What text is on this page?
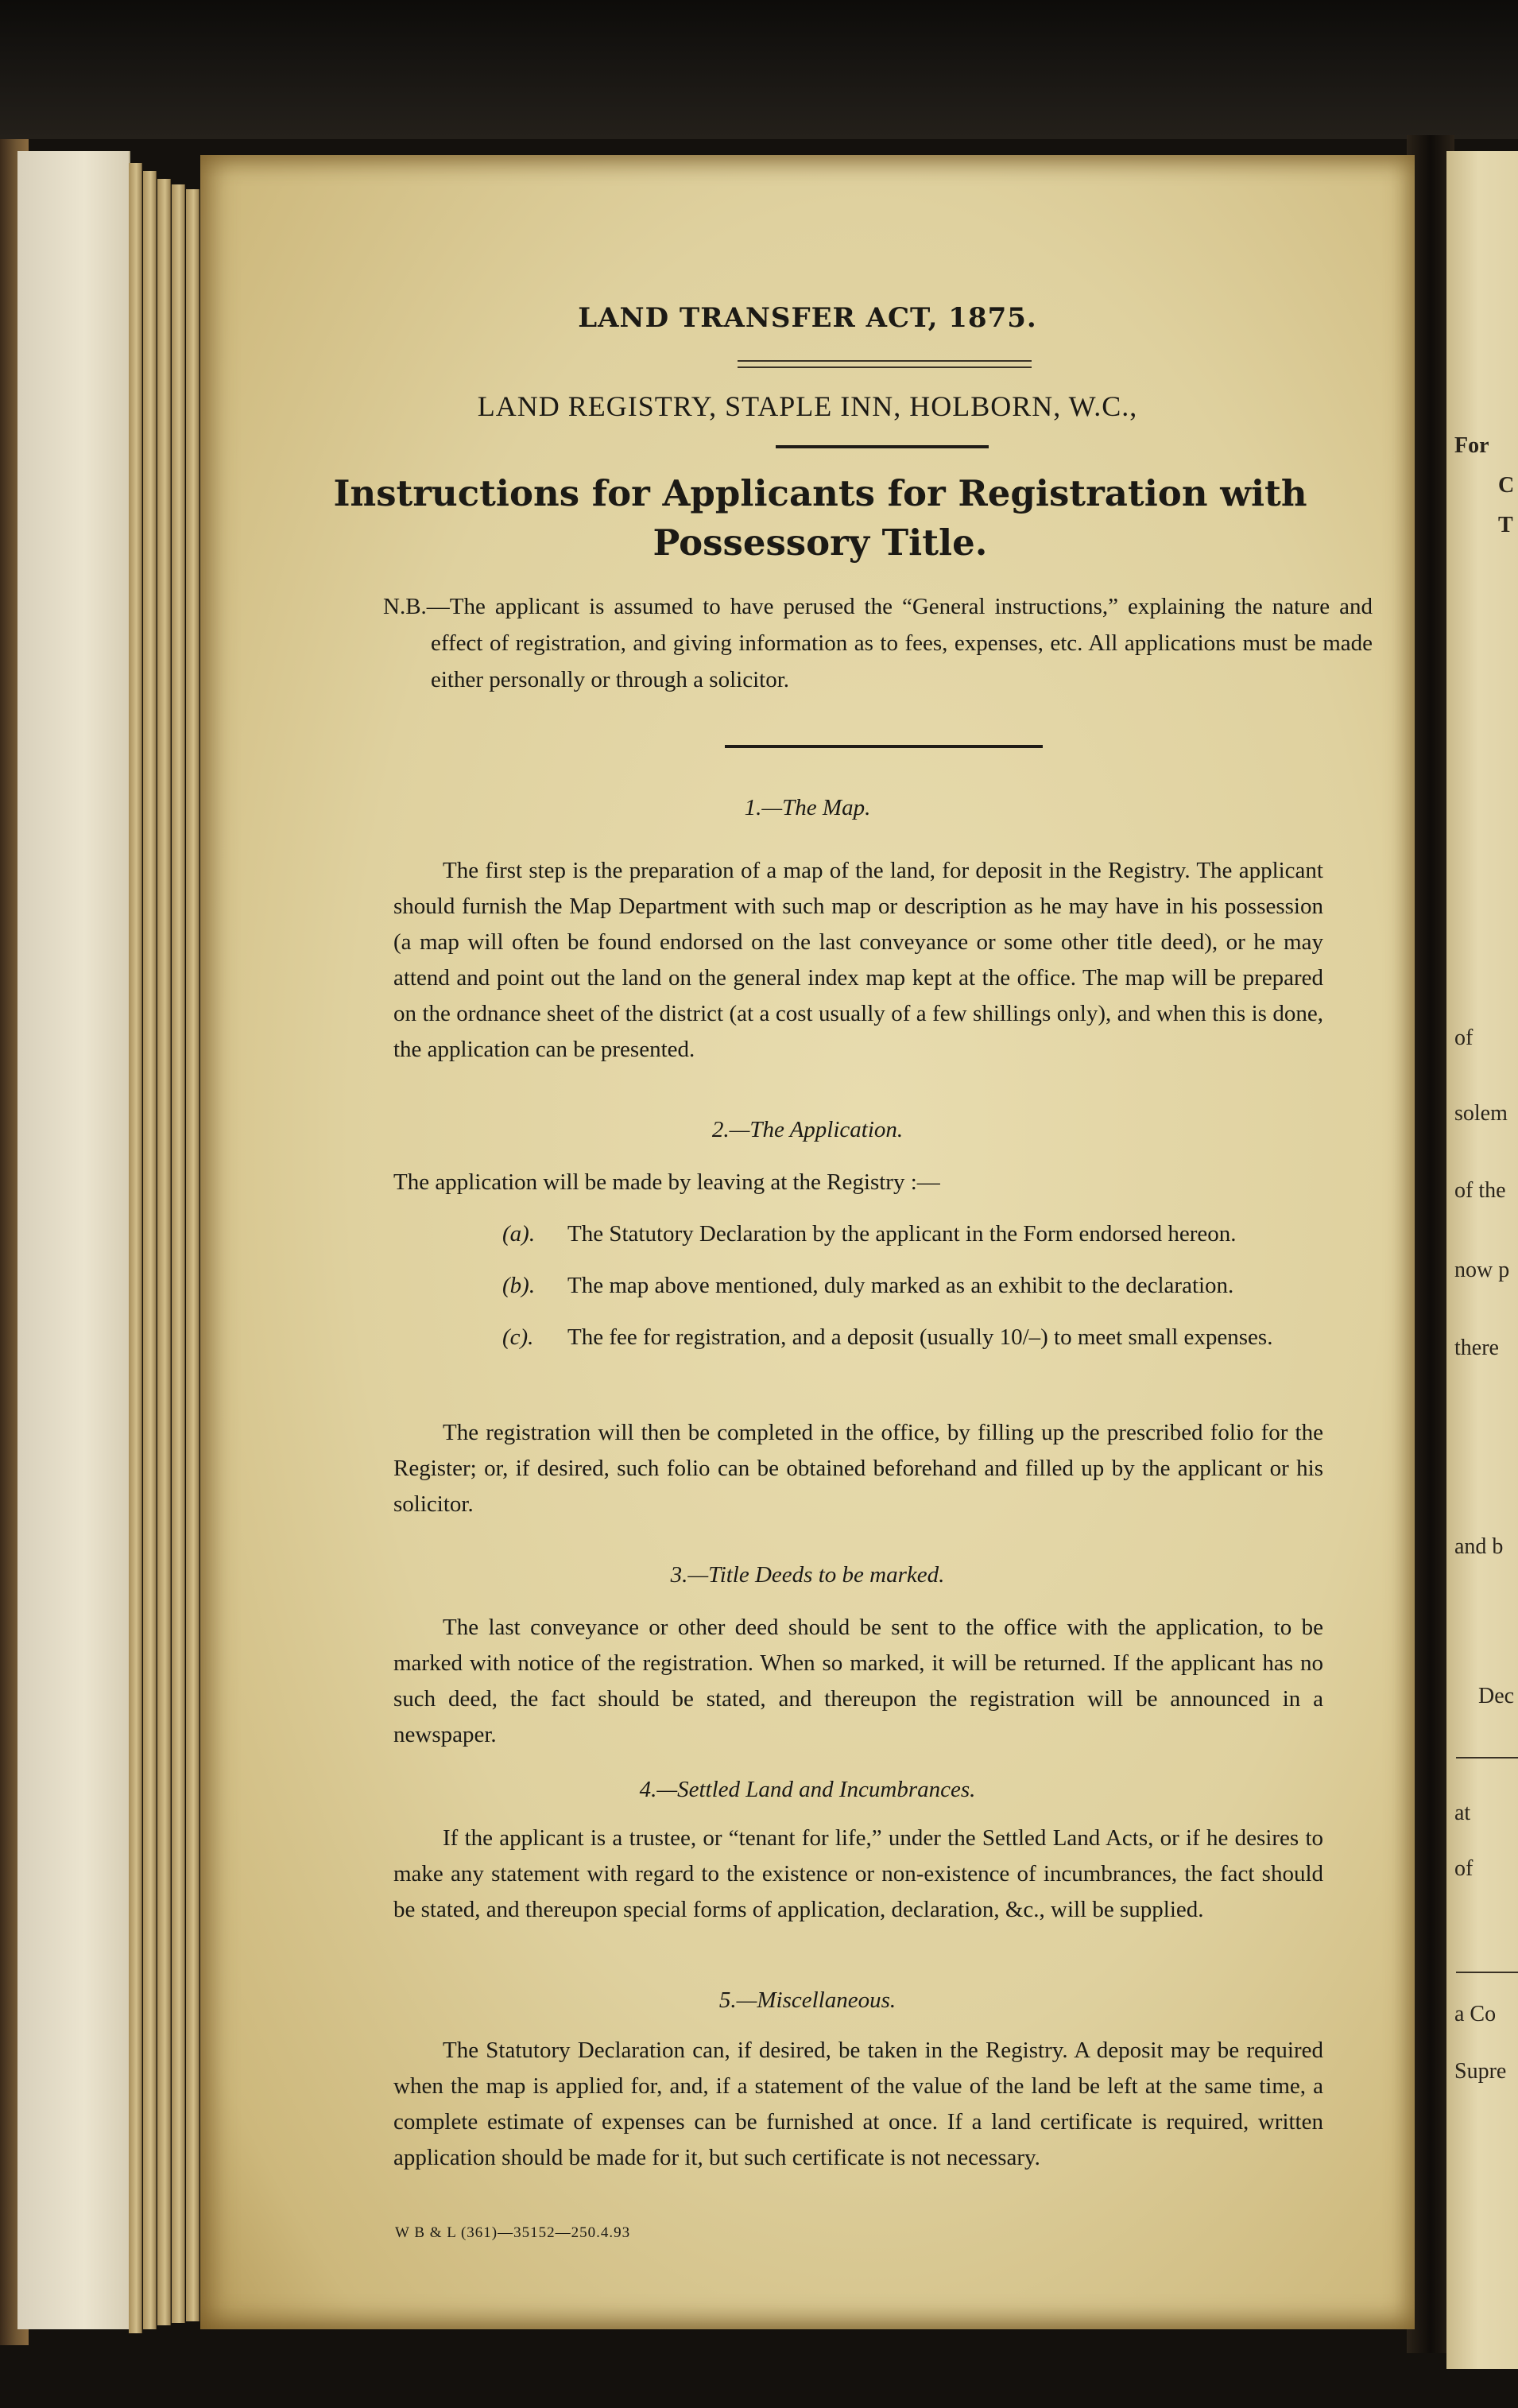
For
C
T
of
solem
of the
now p
there
and b
Dec
at
of
a Co
Supre
LAND TRANSFER ACT, 1875.
LAND REGISTRY, STAPLE INN, HOLBORN, W.C.,
Instructions for Applicants for Registration with Possessory Title.
N.B.—The applicant is assumed to have perused the “General instructions,” explaining the nature and effect of registration, and giving information as to fees, expenses, etc. All applications must be made either personally or through a solicitor.
1.—The Map.
The first step is the preparation of a map of the land, for deposit in the Registry. The applicant should furnish the Map Department with such map or description as he may have in his possession (a map will often be found endorsed on the last conveyance or some other title deed), or he may attend and point out the land on the general index map kept at the office. The map will be prepared on the ordnance sheet of the district (at a cost usually of a few shillings only), and when this is done, the application can be presented.
2.—The Application.
The application will be made by leaving at the Registry :—
(a). The Statutory Declaration by the applicant in the Form endorsed hereon.
(b). The map above mentioned, duly marked as an exhibit to the declaration.
(c). The fee for registration, and a deposit (usually 10/–) to meet small expenses.
The registration will then be completed in the office, by filling up the prescribed folio for the Register; or, if desired, such folio can be obtained beforehand and filled up by the applicant or his solicitor.
3.—Title Deeds to be marked.
The last conveyance or other deed should be sent to the office with the application, to be marked with notice of the registration. When so marked, it will be returned. If the applicant has no such deed, the fact should be stated, and thereupon the registration will be announced in a newspaper.
4.—Settled Land and Incumbrances.
If the applicant is a trustee, or “tenant for life,” under the Settled Land Acts, or if he desires to make any statement with regard to the existence or non-existence of incumbrances, the fact should be stated, and thereupon special forms of application, declaration, &c., will be supplied.
5.—Miscellaneous.
The Statutory Declaration can, if desired, be taken in the Registry. A deposit may be required when the map is applied for, and, if a statement of the value of the land be left at the same time, a complete estimate of expenses can be furnished at once. If a land certificate is required, written application should be made for it, but such certificate is not necessary.
W B & L (361)—35152—250.4.93
